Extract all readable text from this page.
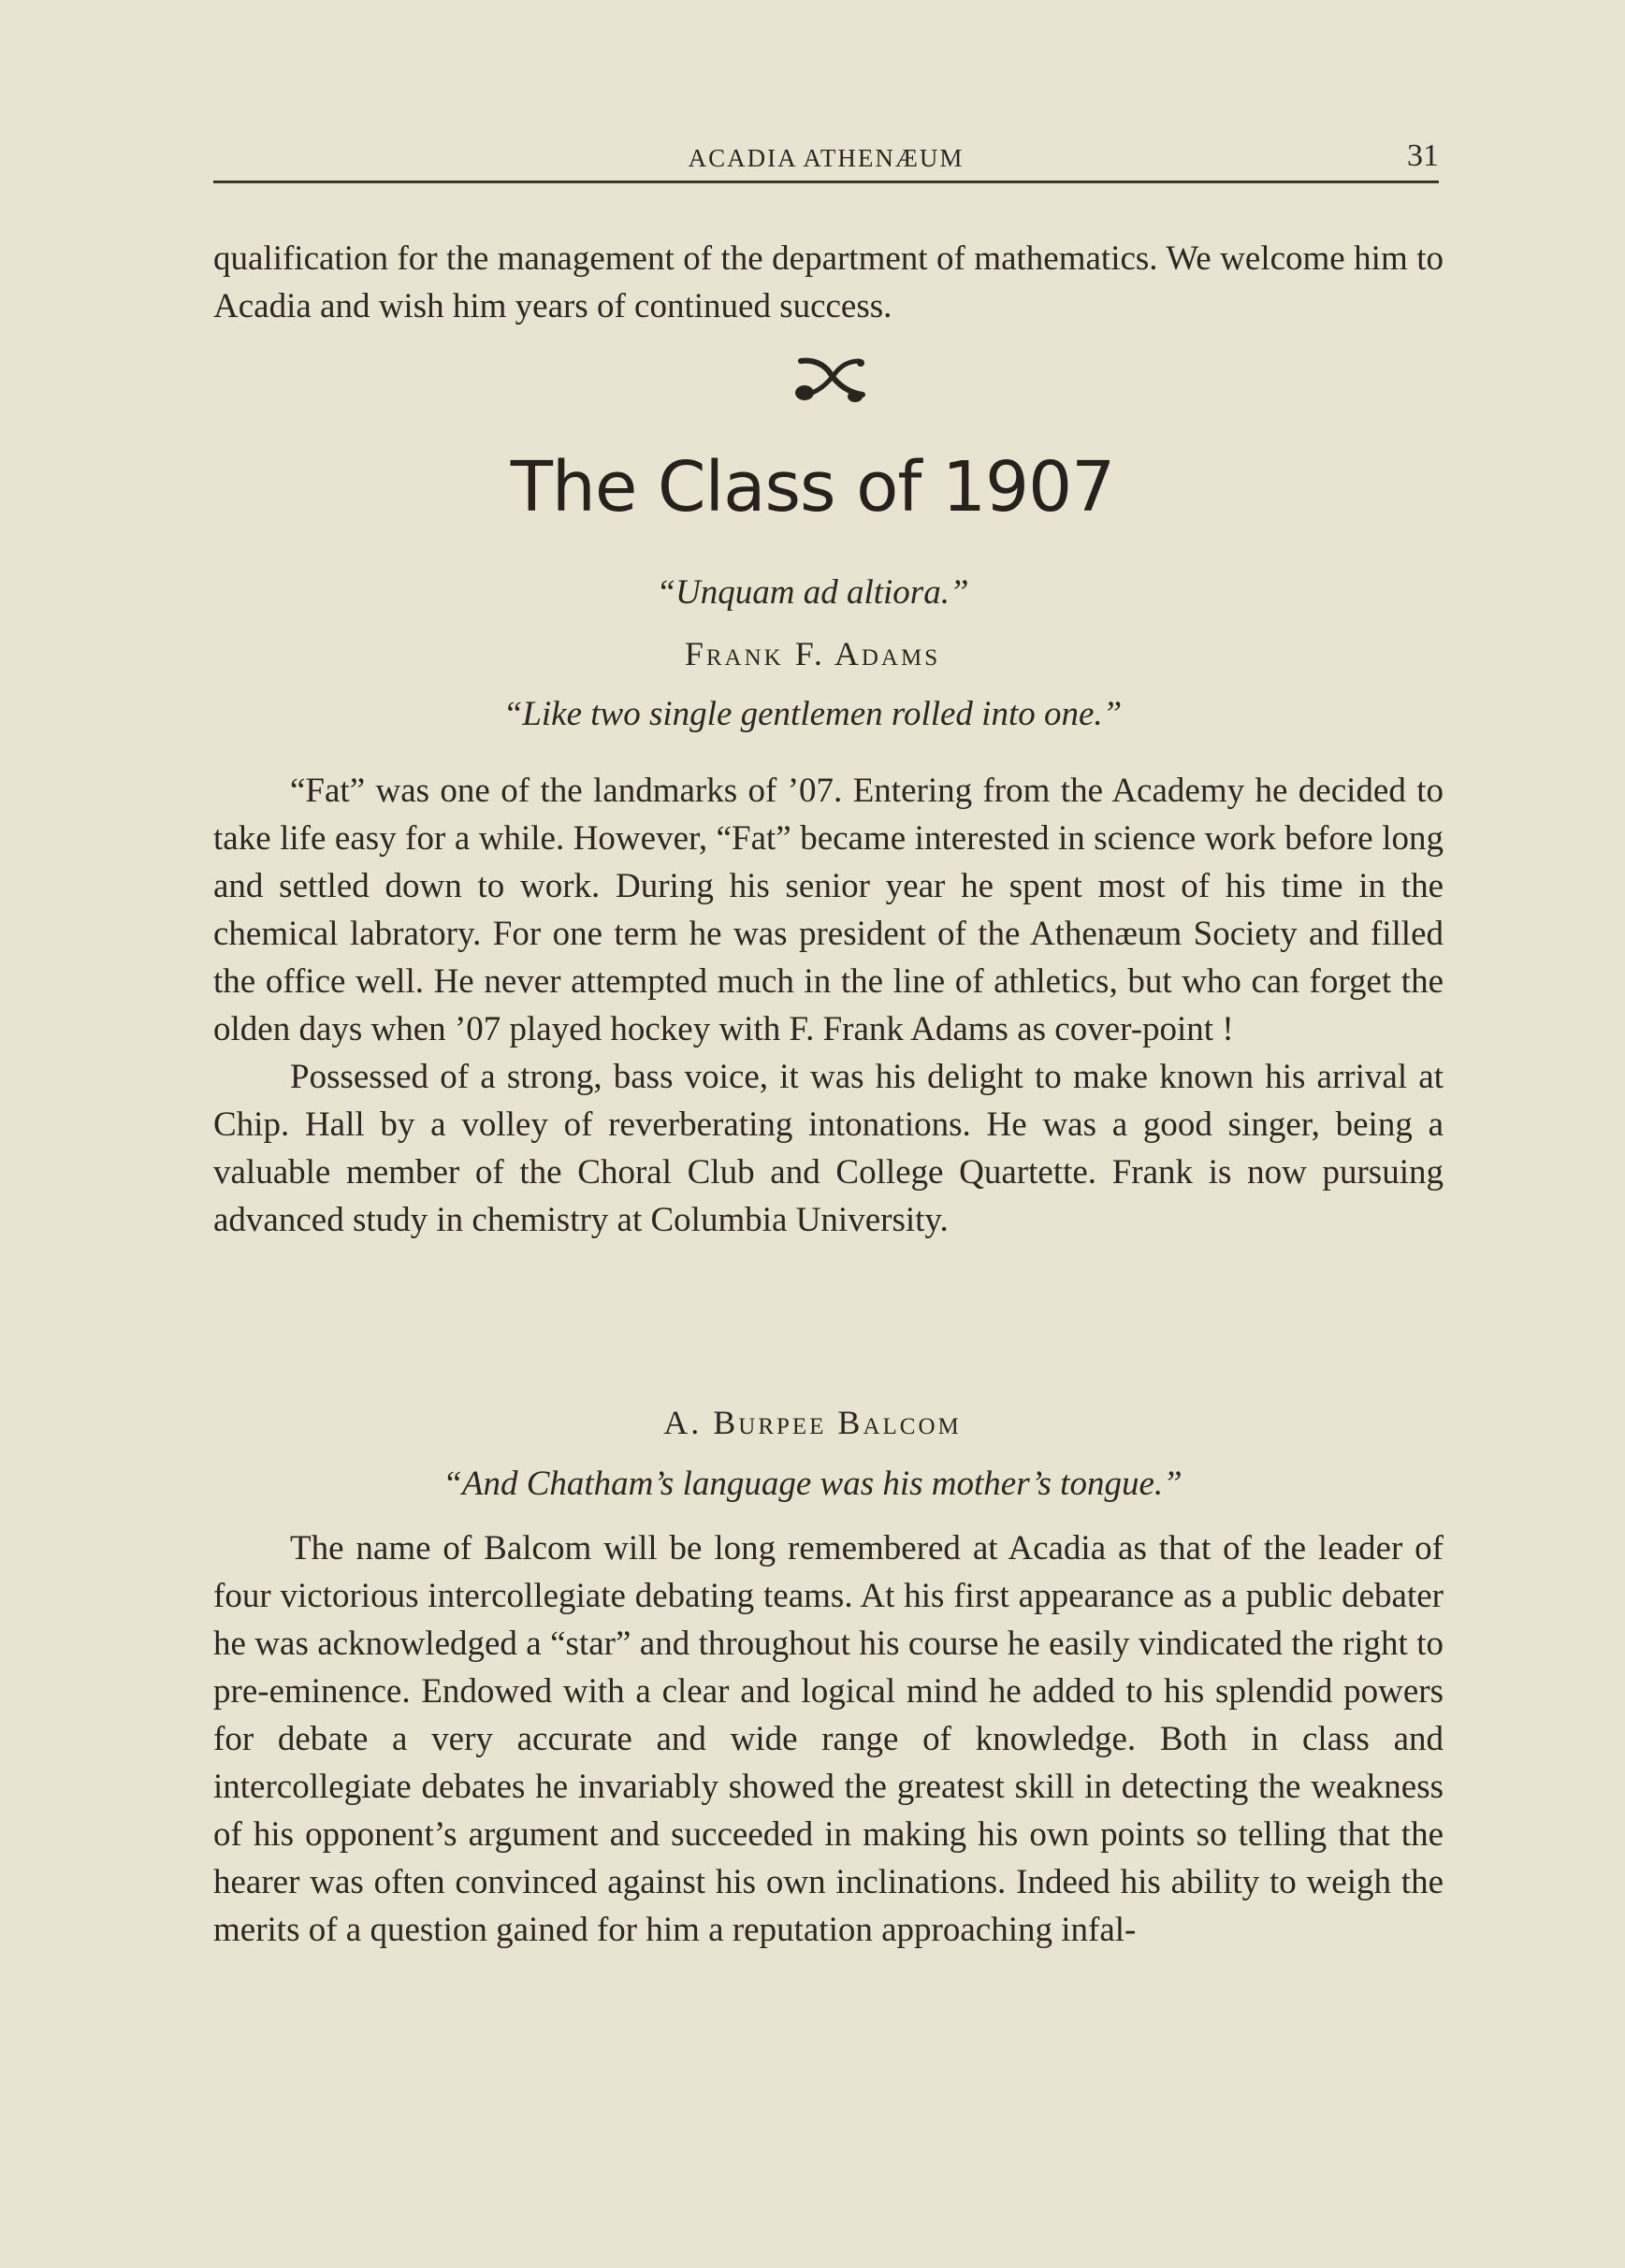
ACADIA ATHENÆUM	31

qualification for the management of the department of mathematics. We welcome him to Acadia and wish him years of continued success.

The Class of 1907
“Unquam ad altiora.”
Frank F. Adams
“Like two single gentlemen rolled into one.”

“Fat” was one of the landmarks of ’07. Entering from the Academy he decided to take life easy for a while. However, “Fat” became interested in science work before long and settled down to work. During his senior year he spent most of his time in the chemical labratory. For one term he was president of the Athenæum Society and filled the office well. He never attempted much in the line of athletics, but who can forget the olden days when ’07 played hockey with F. Frank Adams as cover-point !

Possessed of a strong, bass voice, it was his delight to make known his arrival at Chip. Hall by a volley of reverberating intonations. He was a good singer, being a valuable member of the Choral Club and College Quartette. Frank is now pursuing advanced study in chemistry at Columbia University.

A. Burpee Balcom
“And Chatham’s language was his mother’s tongue.”

The name of Balcom will be long remembered at Acadia as that of the leader of four victorious intercollegiate debating teams. At his first appearance as a public debater he was acknowledged a “star” and throughout his course he easily vindicated the right to pre-eminence. Endowed with a clear and logical mind he added to his splendid powers for debate a very accurate and wide range of knowledge. Both in class and intercollegiate debates he invariably showed the greatest skill in detecting the weakness of his opponent’s argument and succeeded in making his own points so telling that the hearer was often convinced against his own inclinations. Indeed his ability to weigh the merits of a question gained for him a reputation approaching infal-
